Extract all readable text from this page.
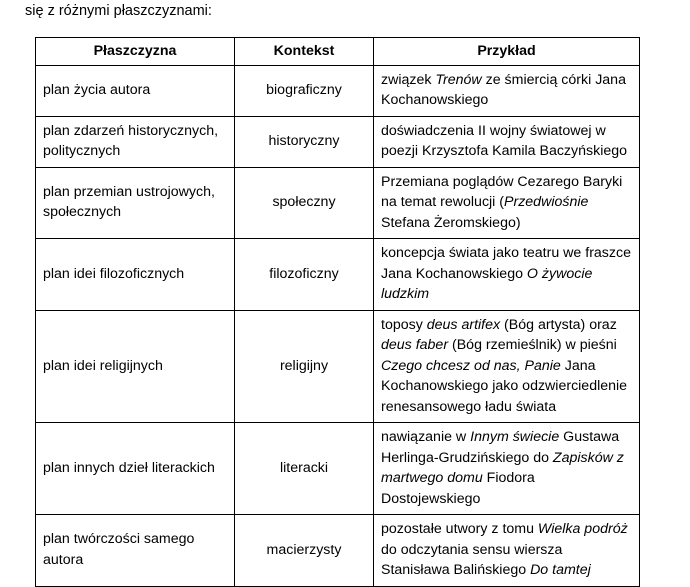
się z różnymi płaszczyznami:
Płaszczyzna	Kontekst	Przykład
plan życia autora	biograficzny	związek Trenów ze śmiercią córki Jana Kochanowskiego
plan zdarzeń historycznych, politycznych	historyczny	doświadczenia II wojny światowej w poezji Krzysztofa Kamila Baczyńskiego
plan przemian ustrojowych, społecznych	społeczny	Przemiana poglądów Cezarego Baryki na temat rewolucji (Przedwiośnie Stefana Żeromskiego)
plan idei filozoficznych	filozoficzny	koncepcja świata jako teatru we fraszce Jana Kochanowskiego O żywocie ludzkim
plan idei religijnych	religijny	toposy deus artifex (Bóg artysta) oraz deus faber (Bóg rzemieślnik) w pieśni Czego chcesz od nas, Panie Jana Kochanowskiego jako odzwierciedlenie renesansowego ładu świata
plan innych dzieł literackich	literacki	nawiązanie w Innym świecie Gustawa Herlinga-Grudzińskiego do Zapisków z martwego domu Fiodora Dostojewskiego
plan twórczości samego autora	macierzysty	pozostałe utwory z tomu Wielka podróż do odczytania sensu wiersza Stanisława Balińskiego Do tamtej
